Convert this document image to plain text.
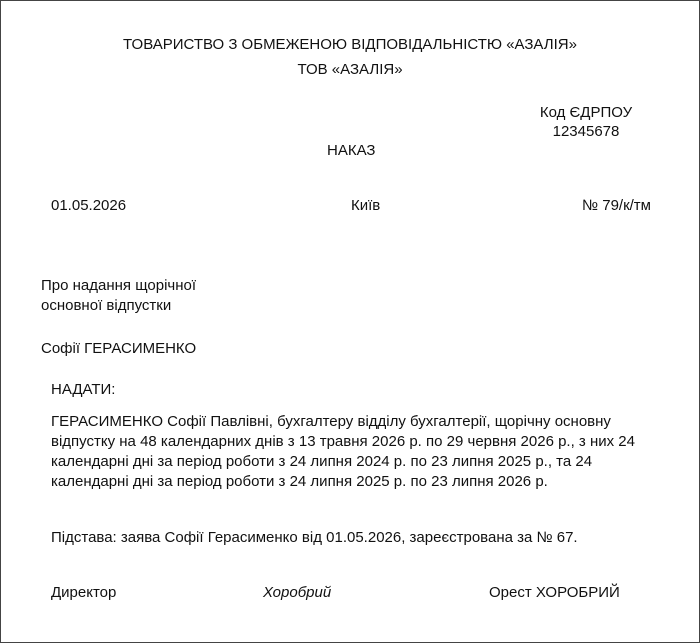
ТОВАРИСТВО З ОБМЕЖЕНОЮ ВІДПОВІДАЛЬНІСТЮ «АЗАЛІЯ»
ТОВ «АЗАЛІЯ»
Код ЄДРПОУ
12345678
НАКАЗ
01.05.2026	Київ	№ 79/к/тм
Про надання щорічної
основної відпустки
Софії ГЕРАСИМЕНКО
НАДАТИ:
ГЕРАСИМЕНКО Софії Павлівні, бухгалтеру відділу бухгалтерії, щорічну основну відпустку на 48 календарних днів з 13 травня 2026 р. по 29 червня 2026 р., з них 24 календарні дні за період роботи з 24 липня 2024 р. по 23 липня 2025 р., та 24 календарні дні за період роботи з 24 липня 2025 р. по 23 липня 2026 р.
Підстава: заява Софії Герасименко від 01.05.2026, зареєстрована за № 67.
Директор	Хоробрий	Орест ХОРОБРИЙ
